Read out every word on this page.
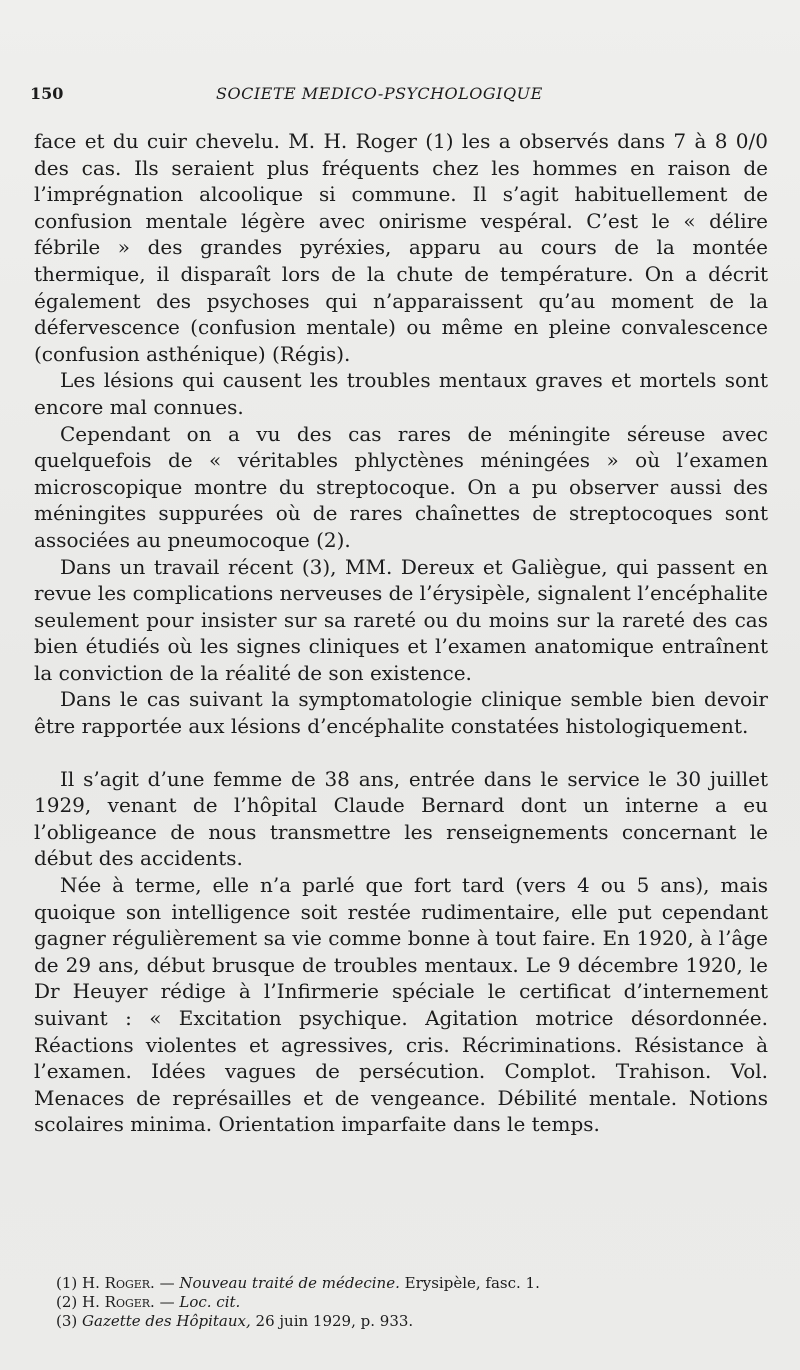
150	SOCIETE MEDICO-PSYCHOLOGIQUE

face et du cuir chevelu. M. H. Roger (1) les a observés dans 7 à 8 0/0 des cas. Ils seraient plus fréquents chez les hommes en raison de l’imprégnation alcoolique si commune. Il s’agit habituellement de confusion mentale légère avec onirisme vespéral. C’est le « délire fébrile » des grandes pyréxies, apparu au cours de la montée thermique, il disparaît lors de la chute de température. On a décrit également des psychoses qui n’apparaissent qu’au moment de la défervescence (confusion mentale) ou même en pleine convalescence (confusion asthénique) (Régis).

Les lésions qui causent les troubles mentaux graves et mortels sont encore mal connues.

Cependant on a vu des cas rares de méningite séreuse avec quelquefois de « véritables phlyctènes méningées » où l’examen microscopique montre du streptocoque. On a pu observer aussi des méningites suppurées où de rares chaînettes de streptocoques sont associées au pneumocoque (2).

Dans un travail récent (3), MM. Dereux et Galiègue, qui passent en revue les complications nerveuses de l’érysipèle, signalent l’encéphalite seulement pour insister sur sa rareté ou du moins sur la rareté des cas bien étudiés où les signes cliniques et l’examen anatomique entraînent la conviction de la réalité de son existence.

Dans le cas suivant la symptomatologie clinique semble bien devoir être rapportée aux lésions d’encéphalite constatées histologiquement.

Il s’agit d’une femme de 38 ans, entrée dans le service le 30 juillet 1929, venant de l’hôpital Claude Bernard dont un interne a eu l’obligeance de nous transmettre les renseignements concernant le début des accidents.

Née à terme, elle n’a parlé que fort tard (vers 4 ou 5 ans), mais quoique son intelligence soit restée rudimentaire, elle put cependant gagner régulièrement sa vie comme bonne à tout faire. En 1920, à l’âge de 29 ans, début brusque de troubles mentaux. Le 9 décembre 1920, le Dr Heuyer rédige à l’Infirmerie spéciale le certificat d’internement suivant : « Excitation psychique. Agitation motrice désordonnée. Réactions violentes et agressives, cris. Récriminations. Résistance à l’examen. Idées vagues de persécution. Complot. Trahison. Vol. Menaces de représailles et de vengeance. Débilité mentale. Notions scolaires minima. Orientation imparfaite dans le temps.

(1) H. Roger. — Nouveau traité de médecine. Erysipèle, fasc. 1.

(2) H. Roger. — Loc. cit.

(3) Gazette des Hôpitaux, 26 juin 1929, p. 933.
